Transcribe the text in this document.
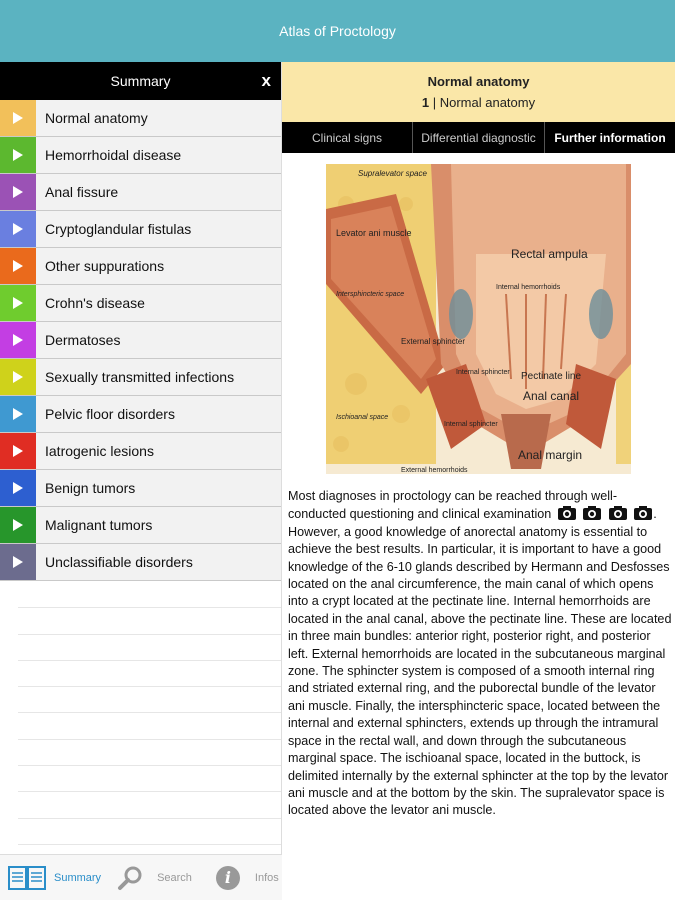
Atlas of Proctology
Summary	x
Normal anatomy
Hemorrhoidal disease
Anal fissure
Cryptoglandular fistulas
Other suppurations
Crohn's disease
Dermatoses
Sexually transmitted infections
Pelvic floor disorders
Iatrogenic lesions
Benign tumors
Malignant tumors
Unclassifiable disorders
Summary	Search	i	Infos
Normal anatomy
1 | Normal anatomy
Clinical signs	Differential diagnostic	Further information
Supralevator space
Levator ani muscle
Rectal ampula
Internal hemorrhoids
Intersphincteric space
External sphincter
Internal sphincter Pectinate line
Anal canal
Ischioanal space
Internal sphincter
Anal margin
External hemorrhoids
Most diagnoses in proctology can be reached through well-conducted questioning and clinical examination	. However, a good knowledge of anorectal anatomy is essential to achieve the best results. In particular, it is important to have a good knowledge of the 6-10 glands described by Hermann and Desfosses located on the anal circumference, the main canal of which opens into a crypt located at the pectinate line. Internal hemorrhoids are located in the anal canal, above the pectinate line. These are located in three main bundles: anterior right, posterior right, and posterior left. External hemorrhoids are located in the subcutaneous marginal zone. The sphincter system is composed of a smooth internal ring and striated external ring, and the puborectal bundle of the levator ani muscle. Finally, the intersphincteric space, located between the internal and external sphincters, extends up through the intramural space in the rectal wall, and down through the subcutaneous marginal space. The ischioanal space, located in the buttock, is delimited internally by the external sphincter at the top by the levator ani muscle and at the bottom by the skin. The supralevator space is located above the levator ani muscle.
